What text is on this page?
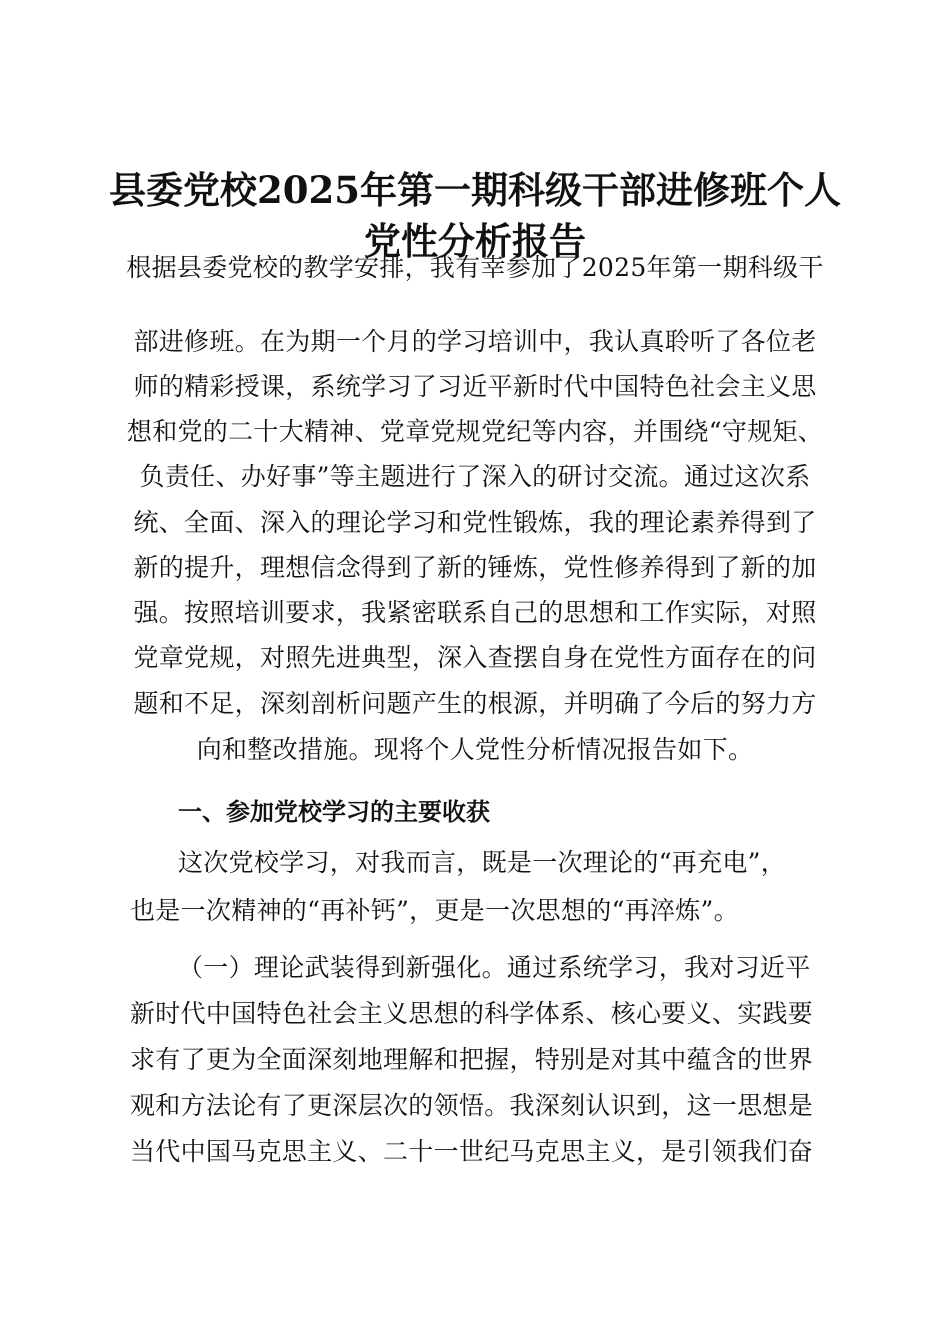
县委党校2025年第一期科级干部进修班个人
党性分析报告
根据县委党校的教学安排，我有幸参加了2025年第一期科级干
部进修班。在为期一个月的学习培训中，我认真聆听了各位老
师的精彩授课，系统学习了习近平新时代中国特色社会主义思
想和党的二十大精神、党章党规党纪等内容，并围绕“守规矩、
负责任、办好事”等主题进行了深入的研讨交流。通过这次系
统、全面、深入的理论学习和党性锻炼，我的理论素养得到了
新的提升，理想信念得到了新的锤炼，党性修养得到了新的加
强。按照培训要求，我紧密联系自己的思想和工作实际，对照
党章党规，对照先进典型，深入查摆自身在党性方面存在的问
题和不足，深刻剖析问题产生的根源，并明确了今后的努力方
向和整改措施。现将个人党性分析情况报告如下。
一、参加党校学习的主要收获
这次党校学习，对我而言，既是一次理论的“再充电”，
也是一次精神的“再补钙”，更是一次思想的“再淬炼”。
（一）理论武装得到新强化。通过系统学习，我对习近平
新时代中国特色社会主义思想的科学体系、核心要义、实践要
求有了更为全面深刻地理解和把握，特别是对其中蕴含的世界
观和方法论有了更深层次的领悟。我深刻认识到，这一思想是
当代中国马克思主义、二十一世纪马克思主义，是引领我们奋
